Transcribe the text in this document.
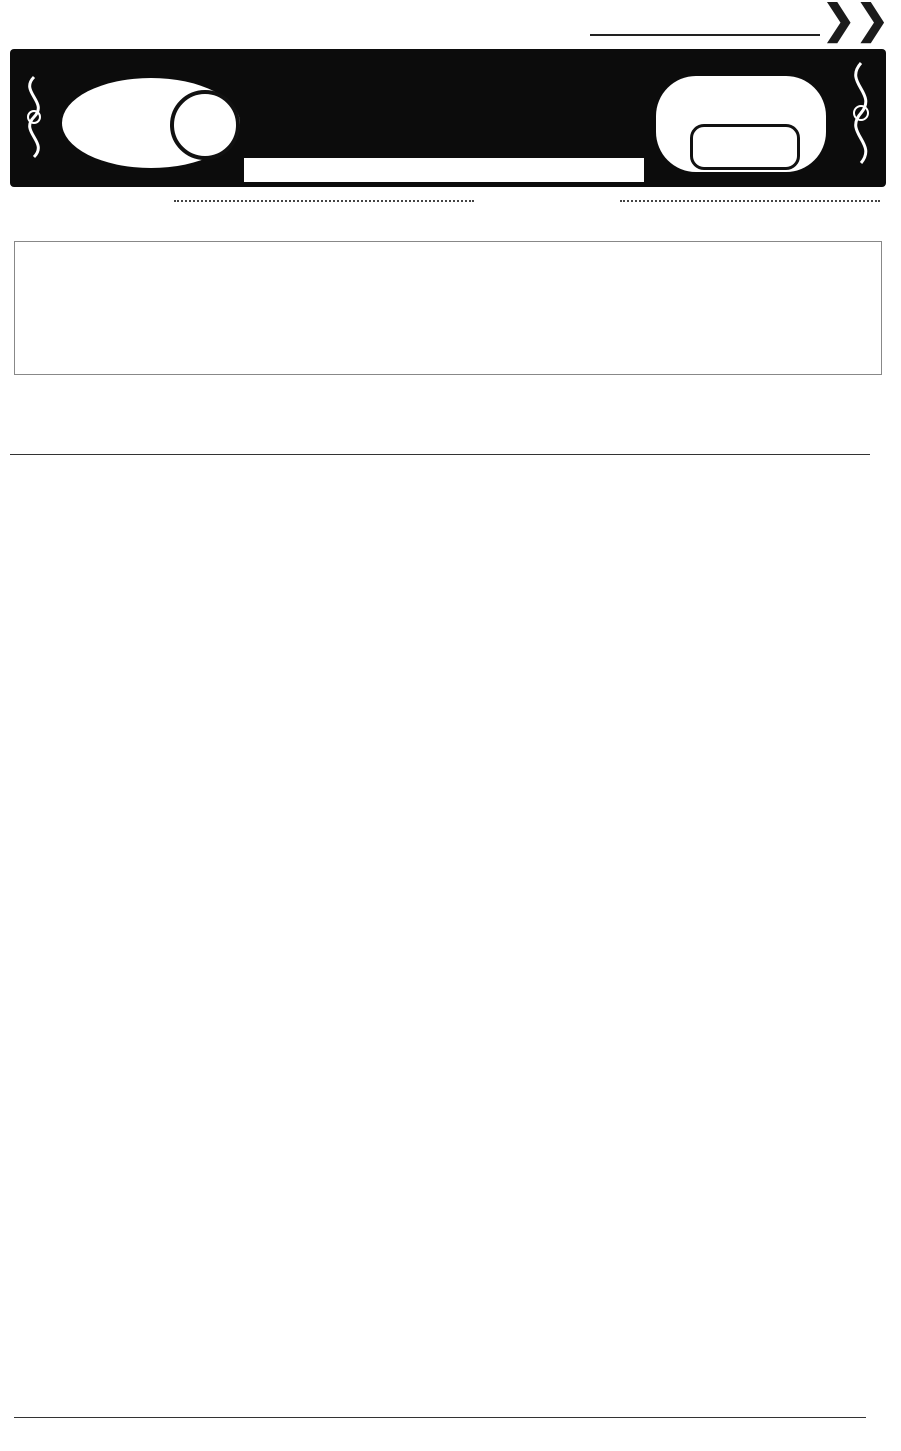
❯❯
